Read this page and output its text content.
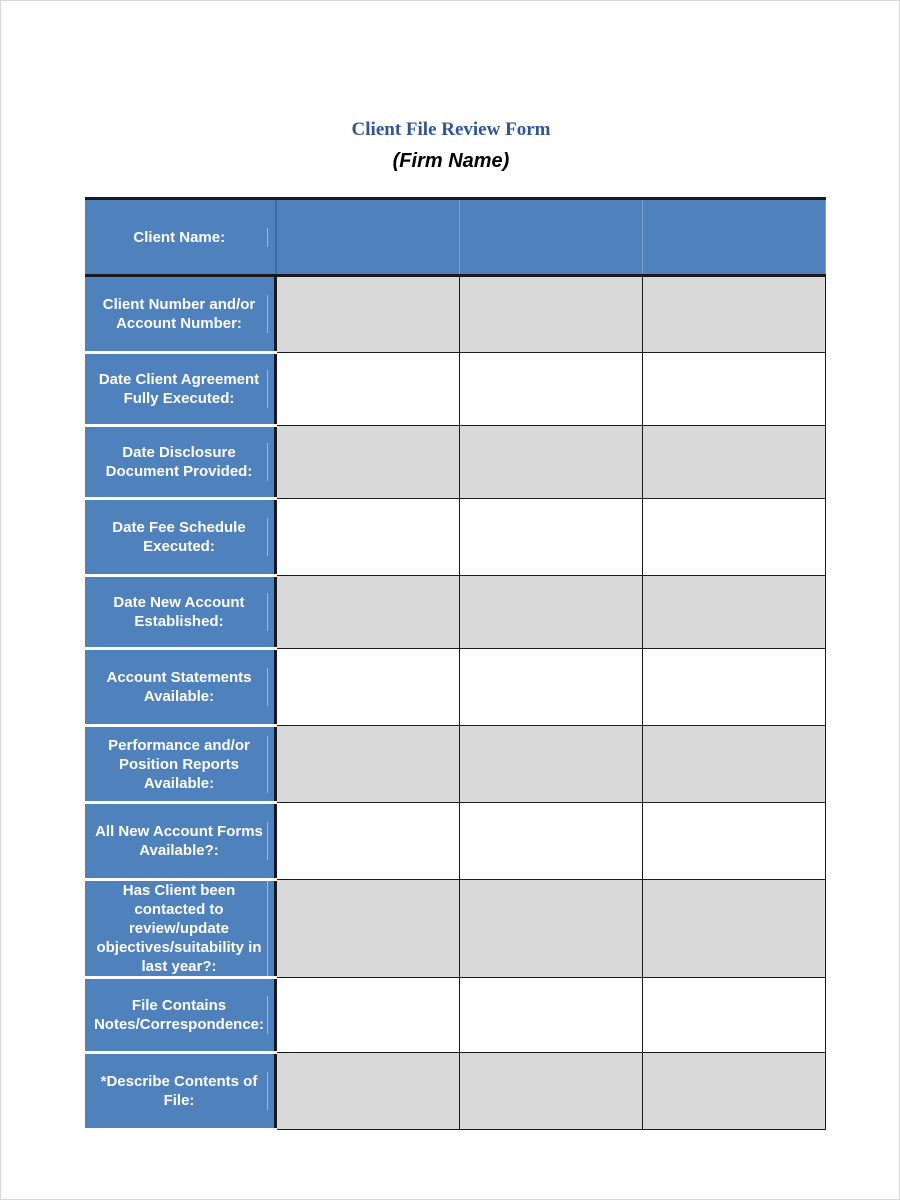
Client File Review Form
(Firm Name)
Client Name:			
Client Number and/or Account Number:			
Date Client Agreement Fully Executed:			
Date Disclosure Document Provided:			
Date Fee Schedule Executed:			
Date New Account Established:			
Account Statements Available:			
Performance and/or Position Reports Available:			
All New Account Forms Available?:			
Has Client been contacted to review/update objectives/suitability in last year?:			
File Contains Notes/Correspondence:			
*Describe Contents of File:			
